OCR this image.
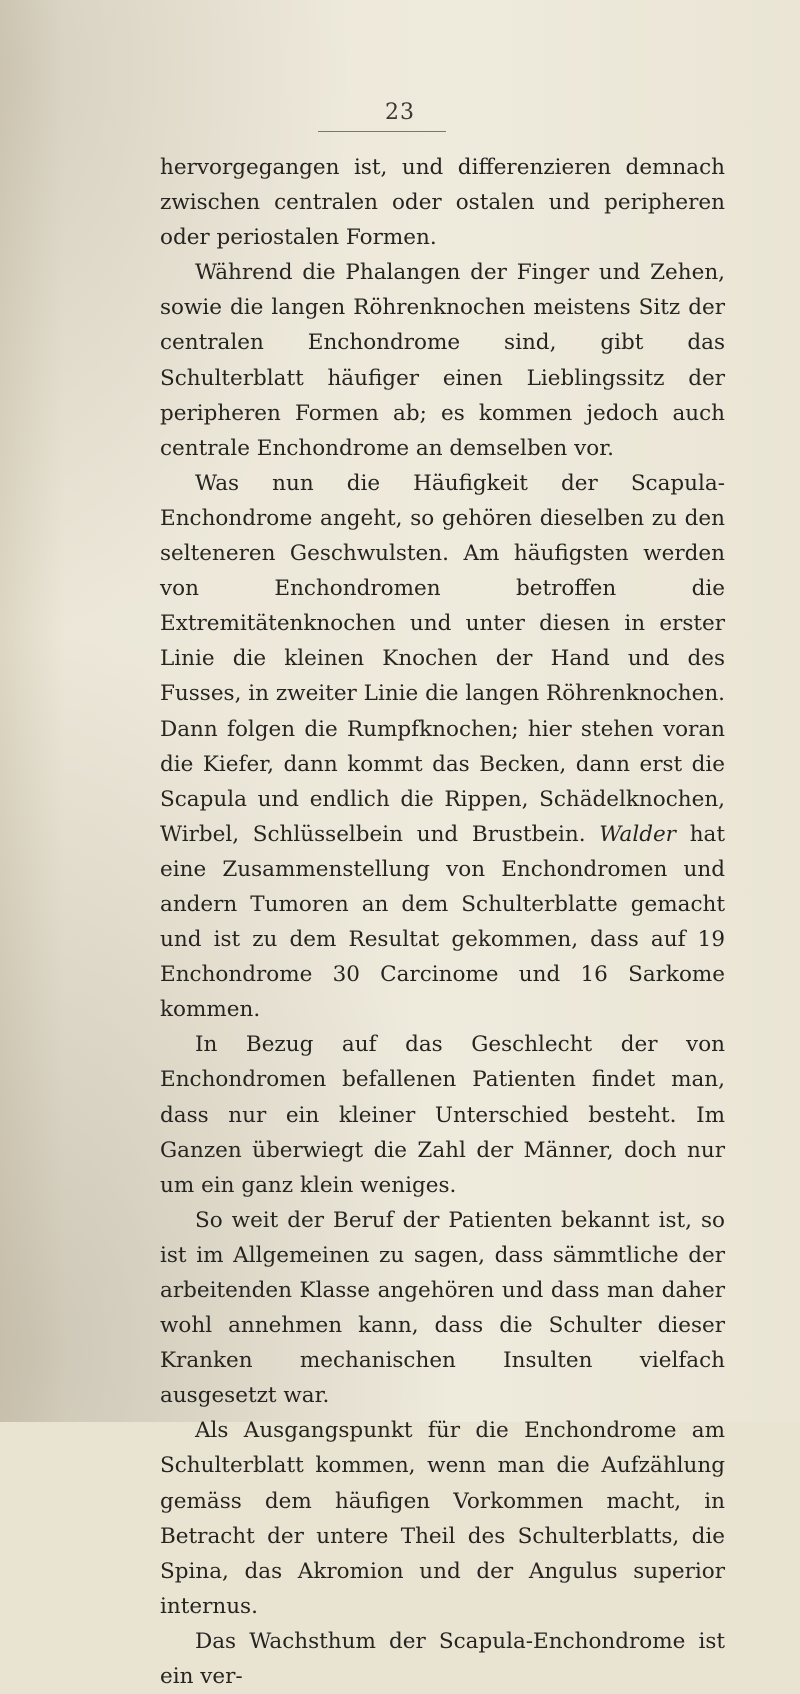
23

hervorgegangen ist, und differenzieren demnach zwischen centralen oder ostalen und peripheren oder periostalen Formen.

Während die Phalangen der Finger und Zehen, sowie die langen Röhrenknochen meistens Sitz der centralen Enchondrome sind, gibt das Schulterblatt häufiger einen Lieblingssitz der peripheren Formen ab; es kommen jedoch auch centrale Enchondrome an demselben vor.

Was nun die Häufigkeit der Scapula-Enchondrome angeht, so gehören dieselben zu den selteneren Geschwulsten. Am häufigsten werden von Enchondromen betroffen die Extremitätenknochen und unter diesen in erster Linie die kleinen Knochen der Hand und des Fusses, in zweiter Linie die langen Röhrenknochen. Dann folgen die Rumpfknochen; hier stehen voran die Kiefer, dann kommt das Becken, dann erst die Scapula und endlich die Rippen, Schädelknochen, Wirbel, Schlüsselbein und Brustbein. Walder hat eine Zusammenstellung von Enchondromen und andern Tumoren an dem Schulterblatte gemacht und ist zu dem Resultat gekommen, dass auf 19 Enchondrome 30 Carcinome und 16 Sarkome kommen.

In Bezug auf das Geschlecht der von Enchondromen befallenen Patienten findet man, dass nur ein kleiner Unterschied besteht. Im Ganzen überwiegt die Zahl der Männer, doch nur um ein ganz klein weniges.

So weit der Beruf der Patienten bekannt ist, so ist im Allgemeinen zu sagen, dass sämmtliche der arbeitenden Klasse angehören und dass man daher wohl annehmen kann, dass die Schulter dieser Kranken mechanischen Insulten vielfach ausgesetzt war.

Als Ausgangspunkt für die Enchondrome am Schulterblatt kommen, wenn man die Aufzählung gemäss dem häufigen Vorkommen macht, in Betracht der untere Theil des Schulterblatts, die Spina, das Akromion und der Angulus superior internus.

Das Wachsthum der Scapula-Enchondrome ist ein ver-
